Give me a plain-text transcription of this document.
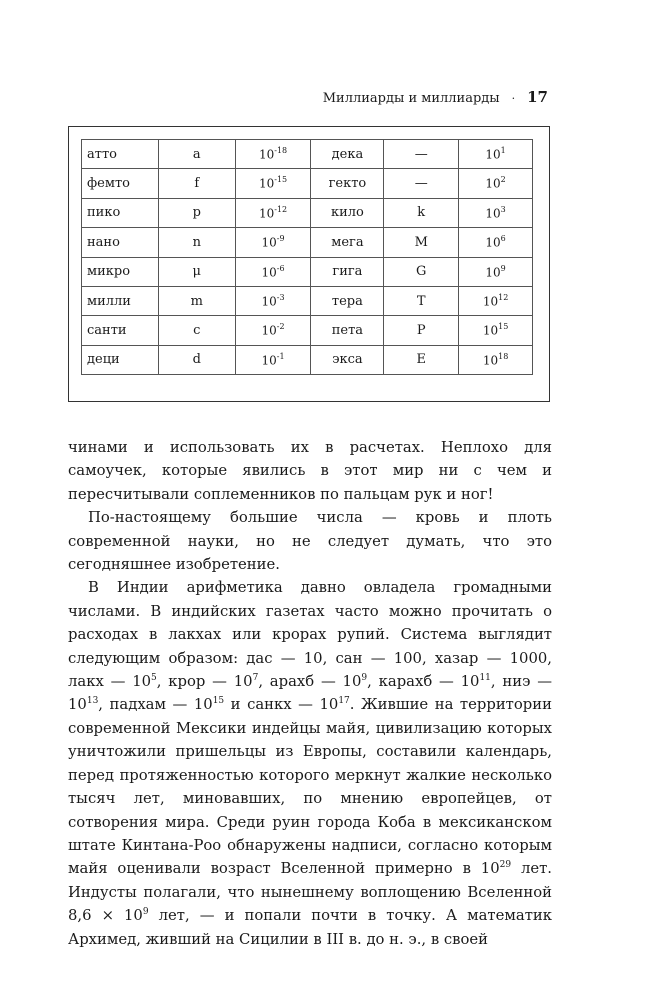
Миллиарды и миллиарды · 17
атто	a	$10^{-18}$	дека	—	$10^1$
фемто	f	$10^{-15}$	гекто	—	$10^2$
пико	p	$10^{-12}$	кило	k	$10^3$
нано	n	$10^{-9}$	мега	M	$10^6$
микро	μ	$10^{-6}$	гига	G	$10^9$
милли	m	$10^{-3}$	тера	T	$10^{12}$
санти	c	$10^{-2}$	пета	P	$10^{15}$
деци	d	$10^{-1}$	экса	E	$10^{18}$

чинами и использовать их в расчетах. Неплохо для самоучек, которые явились в этот мир ни с чем и пересчитывали соплеменников по пальцам рук и ног!

По-настоящему большие числа — кровь и плоть современной науки, но не следует думать, что это сегодняшнее изобретение.

В Индии арифметика давно овладела громадными числами. В индийских газетах часто можно прочитать о расходах в лакхах или крорах рупий. Система выглядит следующим образом: дас — 10, сан — 100, хазар — 1000, лакх — $10^5$, крор — $10^7$, арахб — $10^9$, карахб — $10^{11}$, ниэ — $10^{13}$, падхам — $10^{15}$ и санкх — $10^{17}$. Жившие на территории современной Мексики индейцы майя, цивилизацию которых уничтожили пришельцы из Европы, составили календарь, перед протяженностью которого меркнут жалкие несколько тысяч лет, миновавших, по мнению европейцев, от сотворения мира. Среди руин города Коба в мексиканском штате Кинтана-Роо обнаружены надписи, согласно которым майя оценивали возраст Вселенной примерно в $10^{29}$ лет. Индусты полагали, что нынешнему воплощению Вселенной $8,6 \times 10^9$ лет, — и попали почти в точку. А математик Архимед, живший на Сицилии в III в. до н. э., в своей
